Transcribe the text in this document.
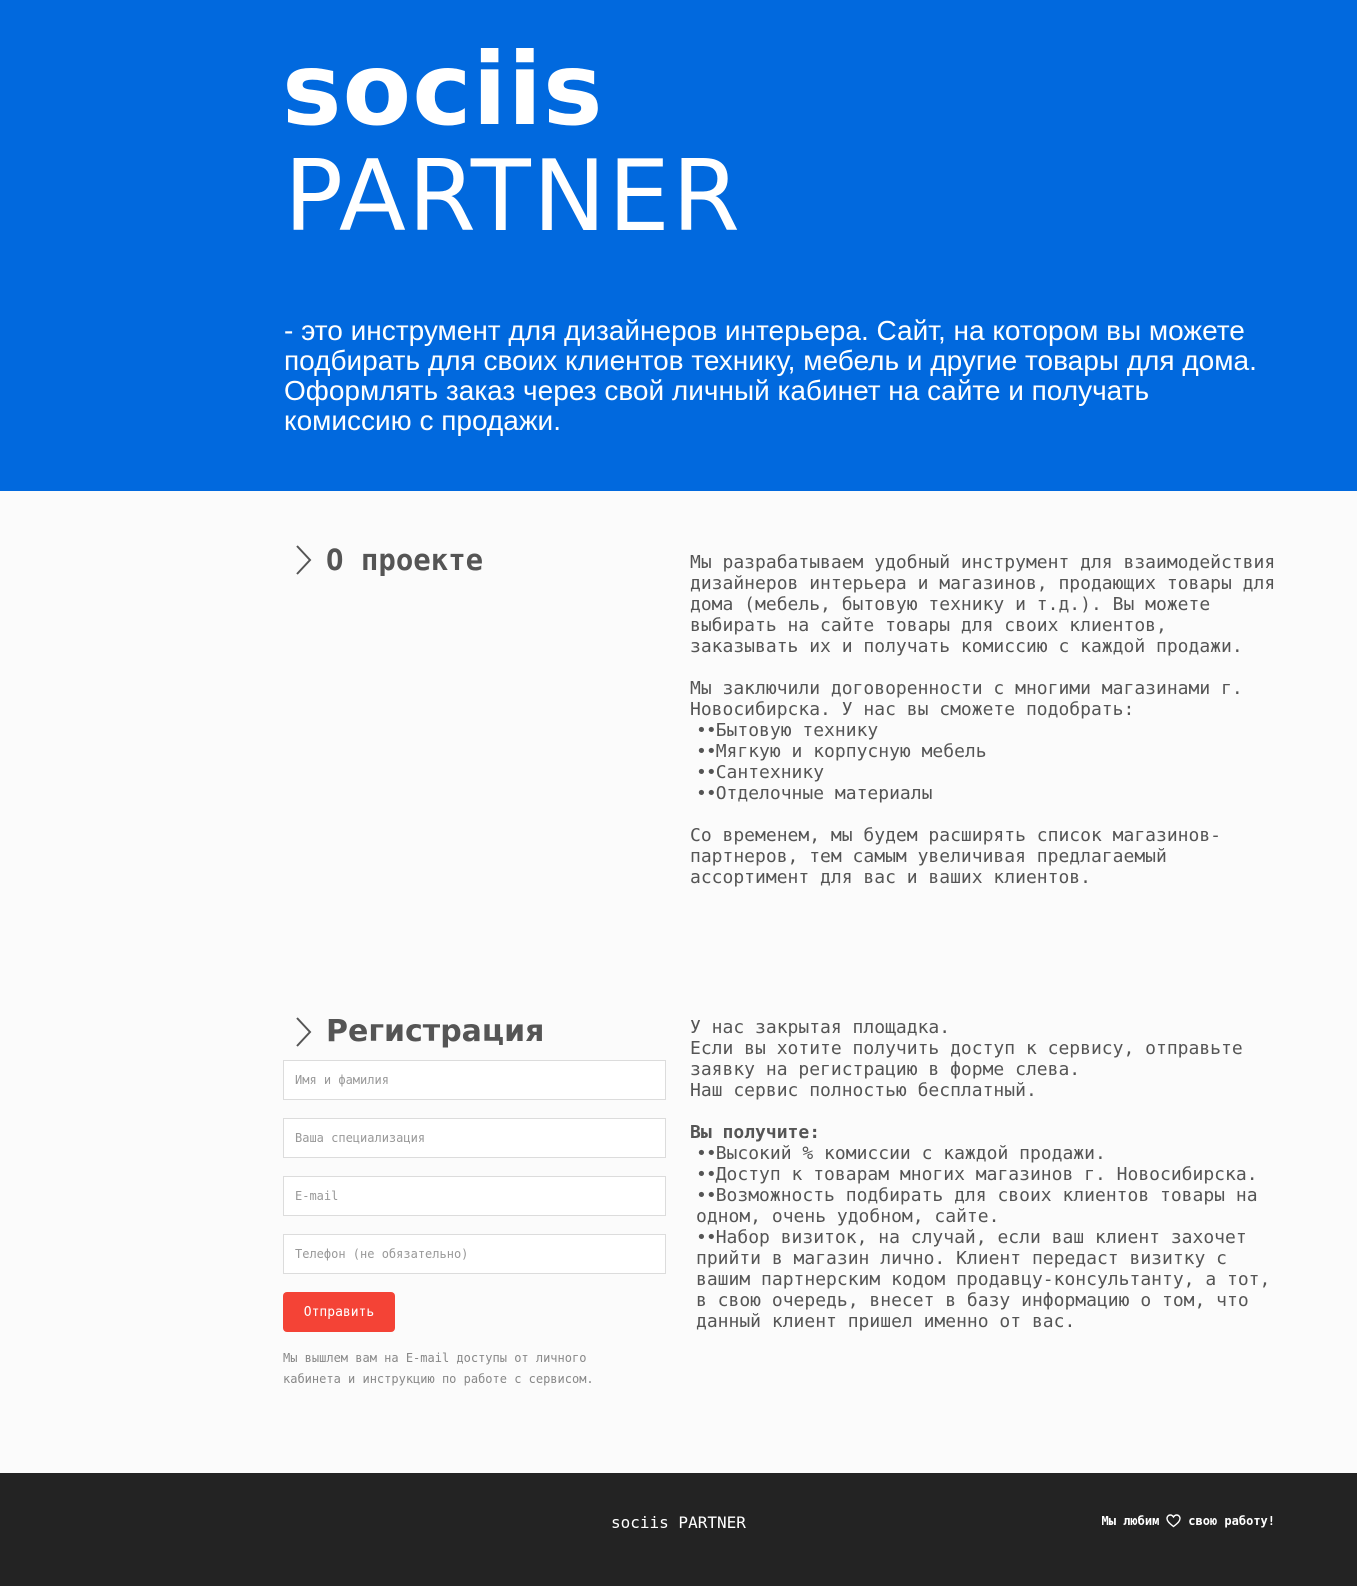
sociis
PARTNER

- это инструмент для дизайнеров интерьера. Сайт, на котором вы можете подбирать для своих клиентов технику, мебель и другие товары для дома. Оформлять заказ через свой личный кабинет на сайте и получать комиссию с продажи.

О проекте	Мы разрабатываем удобный инструмент для взаимодействия дизайнеров интерьера и магазинов, продающих товары для дома (мебель, бытовую технику и т.д.). Вы можете выбирать на сайте товары для своих клиентов, заказывать их и получать комиссию с каждой продажи.

Мы заключили договоренности с многими магазинами г. Новосибирска. У нас вы сможете подобрать:

••Бытовую технику

••Мягкую и корпусную мебель

••Сантехнику

••Отделочные материалы

Со временем, мы будем расширять список магазинов-партнеров, тем самым увеличивая предлагаемый ассортимент для вас и ваших клиентов.

Регистрация
Имя и фамилия
Ваша специализация
E-mail
Телефон (не обязательно)
Отправить

Мы вышлем вам на E-mail доступы от личного кабинета и инструкцию по работе с сервисом.

У нас закрытая площадка.

Если вы хотите получить доступ к сервису, отправьте заявку на регистрацию в форме слева.

Наш сервис полностью бесплатный.

Вы получите:

••Высокий % комиссии с каждой продажи.

••Доступ к товарам многих магазинов г. Новосибирска.

••Возможность подбирать для своих клиентов товары на одном, очень удобном, сайте.

••Набор визиток, на случай, если ваш клиент захочет прийти в магазин лично. Клиент передаст визитку с вашим партнерским кодом продавцу-консультанту, а тот, в свою очередь, внесет в базу информацию о том, что данный клиент пришел именно от вас.

sociis PARTNER	Мы любим свою работу!
